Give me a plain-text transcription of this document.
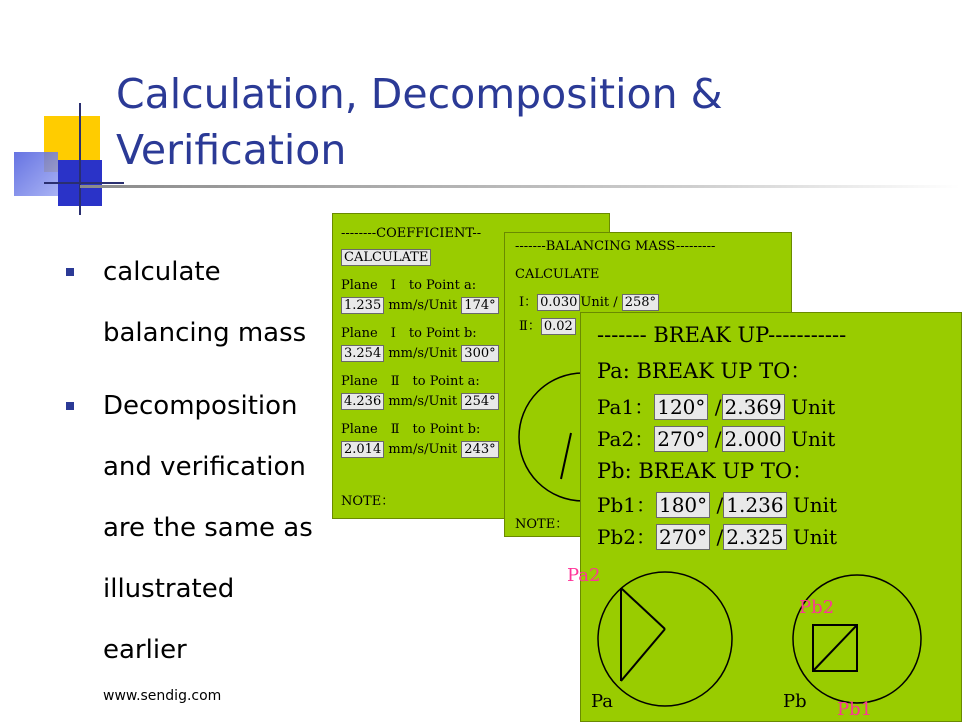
Calculation, Decomposition & Verification
calculate balancing mass
Decomposition and verification are the same as illustrated earlier
www.sendig.com
--------COEFFICIENT--
CALCULATE
Plane　Ⅰ　to Point a:
1.235 mm/s/Unit 174°
Plane　Ⅰ　to Point b:
3.254 mm/s/Unit 300°
Plane　Ⅱ　to Point a:
4.236 mm/s/Unit 254°
Plane　Ⅱ　to Point b:
2.014 mm/s/Unit 243°
NOTE：
-------BALANCING MASS---------
CALCULATE
Ⅰ： 0.030 Unit / 258°
Ⅱ： 0.02
NOTE：
------- BREAK UP-----------
Pa: BREAK UP TO：
Pa1： 120° / 2.369 Unit
Pa2： 270° / 2.000 Unit
Pb: BREAK UP TO：
Pb1： 180° / 1.236 Unit
Pb2： 270° / 2.325 Unit
Pa2
Pa
Pb2
Pb Pb1
